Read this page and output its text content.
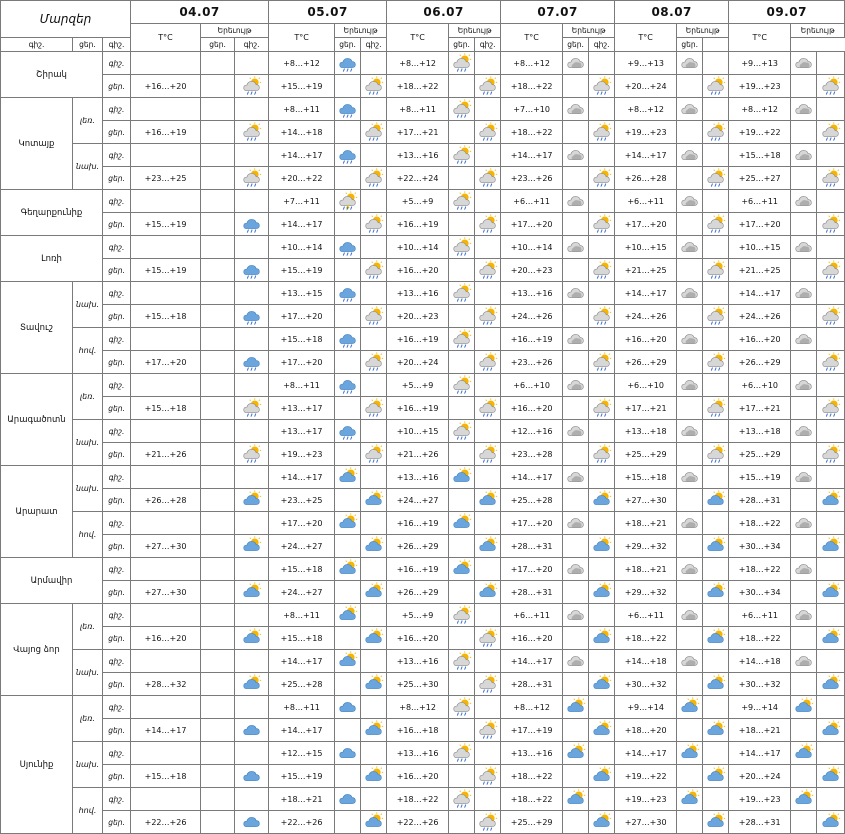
Մարզեր			04.07			05.07			06.07			07.07			08.07			09.07		
			T°C	Երեւույթ		T°C	Երեւույթ		T°C	Երեւույթ		T°C	Երեւույթ		T°C	Երեւույթ		T°C	Երեւույթ	
գիշ.	ցեր.	գիշ.		ցեր.	գիշ.		ցեր.	գիշ.		ցեր.	գիշ.		ցեր.	գիշ.		ցեր.				
Շիրակ		գիշ.				+8…+12			+8…+12			+8…+12			+9…+13			+9…+13		
		ցեր.	+16…+20			+15…+19			+18…+22			+18…+22			+20…+24			+19…+23		
Կոտայք	լեռ.	գիշ.				+8…+11			+8…+11			+7…+10			+8…+12			+8…+12		
		ցեր.	+16…+19			+14…+18			+17…+21			+18…+22			+19…+23			+19…+22		
	նախ.	գիշ.				+14…+17			+13…+16			+14…+17			+14…+17			+15…+18		
		ցեր.	+23…+25			+20…+22			+22…+24			+23…+26			+26…+28			+25…+27		
Գեղարքունիք		գիշ.				+7…+11			+5…+9			+6…+11			+6…+11			+6…+11		
		ցեր.	+15…+19			+14…+17			+16…+19			+17…+20			+17…+20			+17…+20		
Լոռի		գիշ.				+10…+14			+10…+14			+10…+14			+10…+15			+10…+15		
		ցեր.	+15…+19			+15…+19			+16…+20			+20…+23			+21…+25			+21…+25		
Տավուշ	նախ.	գիշ.				+13…+15			+13…+16			+13…+16			+14…+17			+14…+17		
		ցեր.	+15…+18			+17…+20			+20…+23			+24…+26			+24…+26			+24…+26		
	հով.	գիշ.				+15…+18			+16…+19			+16…+19			+16…+20			+16…+20		
		ցեր.	+17…+20			+17…+20			+20…+24			+23…+26			+26…+29			+26…+29		
Արագածոտն	լեռ.	գիշ.				+8…+11			+5…+9			+6…+10			+6…+10			+6…+10		
		ցեր.	+15…+18			+13…+17			+16…+19			+16…+20			+17…+21			+17…+21		
	նախ.	գիշ.				+13…+17			+10…+15			+12…+16			+13…+18			+13…+18		
		ցեր.	+21…+26			+19…+23			+21…+26			+23…+28			+25…+29			+25…+29		
Արարատ	նախ.	գիշ.				+14…+17			+13…+16			+14…+17			+15…+18			+15…+19		
		ցեր.	+26…+28			+23…+25			+24…+27			+25…+28			+27…+30			+28…+31		
	հով.	գիշ.				+17…+20			+16…+19			+17…+20			+18…+21			+18…+22		
		ցեր.	+27…+30			+24…+27			+26…+29			+28…+31			+29…+32			+30…+34		
Արմավիր		գիշ.				+15…+18			+16…+19			+17…+20			+18…+21			+18…+22		
		ցեր.	+27…+30			+24…+27			+26…+29			+28…+31			+29…+32			+30…+34		
Վայոց ձոր	լեռ.	գիշ.				+8…+11			+5…+9			+6…+11			+6…+11			+6…+11		
		ցեր.	+16…+20			+15…+18			+16…+20			+16…+20			+18…+22			+18…+22		
	նախ.	գիշ.				+14…+17			+13…+16			+14…+17			+14…+18			+14…+18		
		ցեր.	+28…+32			+25…+28			+25…+30			+28…+31			+30…+32			+30…+32		
Սյունիք	լեռ.	գիշ.				+8…+11			+8…+12			+8…+12			+9…+14			+9…+14		
		ցեր.	+14…+17			+14…+17			+16…+18			+17…+19			+18…+20			+18…+21		
	նախ.	գիշ.				+12…+15			+13…+16			+13…+16			+14…+17			+14…+17		
		ցեր.	+15…+18			+15…+19			+16…+20			+18…+22			+19…+22			+20…+24		
	հով.	գիշ.				+18…+21			+18…+22			+18…+22			+19…+23			+19…+23		
		ցեր.	+22…+26			+22…+26			+22…+26			+25…+29			+27…+30			+28…+31		
